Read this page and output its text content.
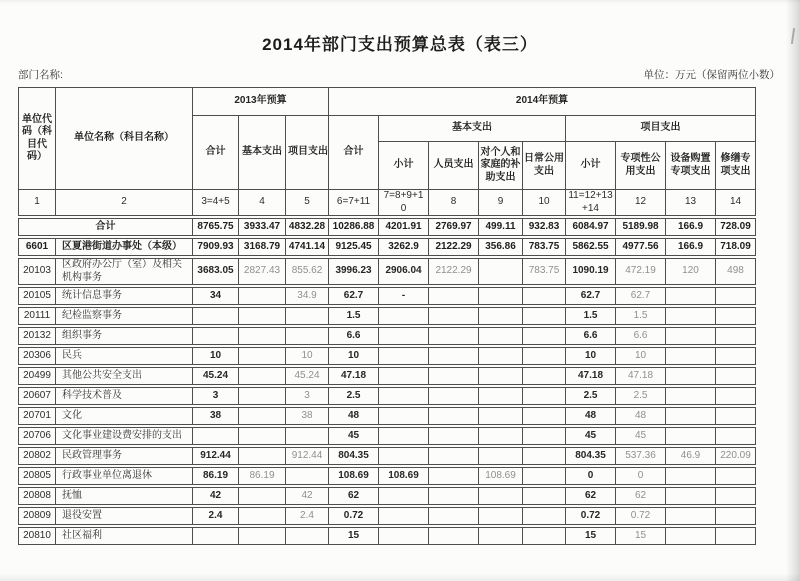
2014年部门支出预算总表（表三）
部门名称:	单位：万元（保留两位小数）
单位代码（科目代码）	单位名称（科目名称）	2013年预算			2014年预算								
		合计	基本支出	项目支出	合计	基本支出				项目支出			
						小计	人员支出	对个人和家庭的补助支出	日常公用支出	小计	专项性公用支出	设备购置专项支出	修缮专项支出
1	2	3=4+5	4	5	6=7+11	7=8+9+10	8	9	10	11=12+13+14	12	13	14

合计		8765.75	3933.47	4832.28	10286.88	4201.91	2769.97	499.11	932.83	6084.97	5189.98	166.9	728.09

6601	区夏港街道办事处（本级）	7909.93	3168.79	4741.14	9125.45	3262.9	2122.29	356.86	783.75	5862.55	4977.56	166.9	718.09

20103	区政府办公厅（室）及相关机构事务	3683.05	2827.43	855.62	3996.23	2906.04	2122.29		783.75	1090.19	472.19	120	498

20105	统计信息事务	34		34.9	62.7	-				62.7	62.7		

20111	纪检监察事务				1.5					1.5	1.5		

20132	组织事务				6.6					6.6	6.6		

20306	民兵	10		10	10					10	10		

20499	其他公共安全支出	45.24		45.24	47.18					47.18	47.18		

20607	科学技术普及	3		3	2.5					2.5	2.5		

20701	文化	38		38	48					48	48		

20706	文化事业建设费安排的支出				45					45	45		

20802	民政管理事务	912.44		912.44	804.35					804.35	537.36	46.9	220.09

20805	行政事业单位离退休	86.19	86.19		108.69	108.69		108.69		0	0		

20808	抚恤	42		42	62					62	62		

20809	退役安置	2.4		2.4	0.72					0.72	0.72		

20810	社区福利				15					15	15		
